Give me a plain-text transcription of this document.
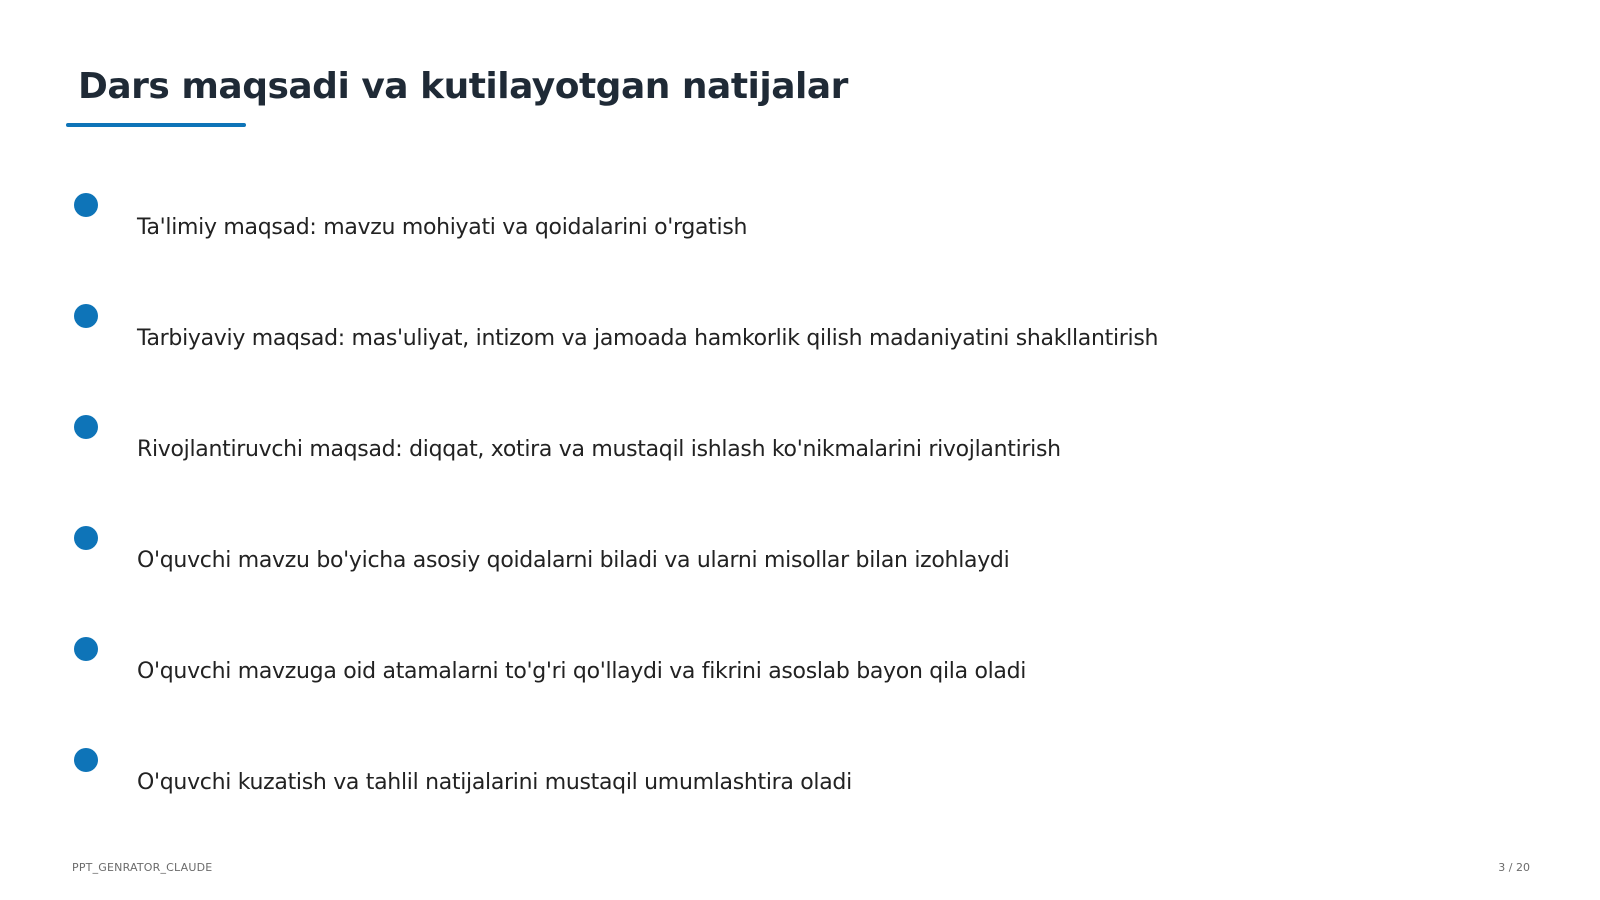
Dars maqsadi va kutilayotgan natijalar
Ta'limiy maqsad: mavzu mohiyati va qoidalarini o'rgatish
Tarbiyaviy maqsad: mas'uliyat, intizom va jamoada hamkorlik qilish madaniyatini shakllantirish
Rivojlantiruvchi maqsad: diqqat, xotira va mustaqil ishlash ko'nikmalarini rivojlantirish
O'quvchi mavzu bo'yicha asosiy qoidalarni biladi va ularni misollar bilan izohlaydi
O'quvchi mavzuga oid atamalarni to'g'ri qo'llaydi va fikrini asoslab bayon qila oladi
O'quvchi kuzatish va tahlil natijalarini mustaqil umumlashtira oladi
PPT_GENRATOR_CLAUDE	3 / 20
